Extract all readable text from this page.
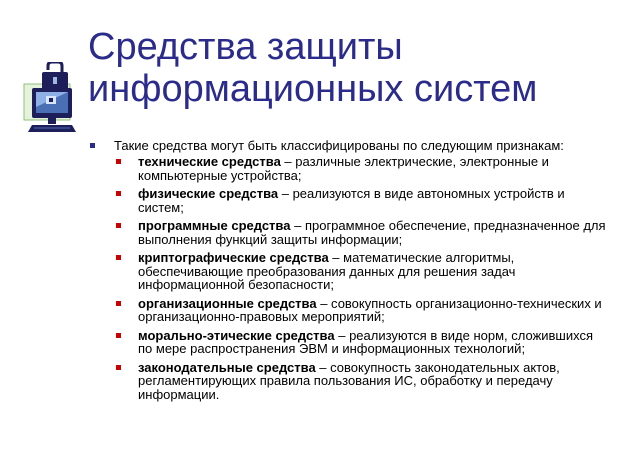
Средства защиты
информационных систем
Такие средства могут быть классифицированы по следующим признакам:
технические средства – различные электрические, электронные и компьютерные устройства;
физические средства – реализуются в виде автономных устройств и систем;
программные средства – программное обеспечение, предназначенное для выполнения функций защиты информации;
криптографические средства – математические алгоритмы, обеспечивающие преобразования данных для решения задач информационной безопасности;
организационные средства – совокупность организационно-технических и организационно-правовых мероприятий;
морально-этические средства – реализуются в виде норм, сложившихся по мере распространения ЭВМ и информационных технологий;
законодательные средства – совокупность законодательных актов, регламентирующих правила пользования ИС, обработку и передачу информации.
